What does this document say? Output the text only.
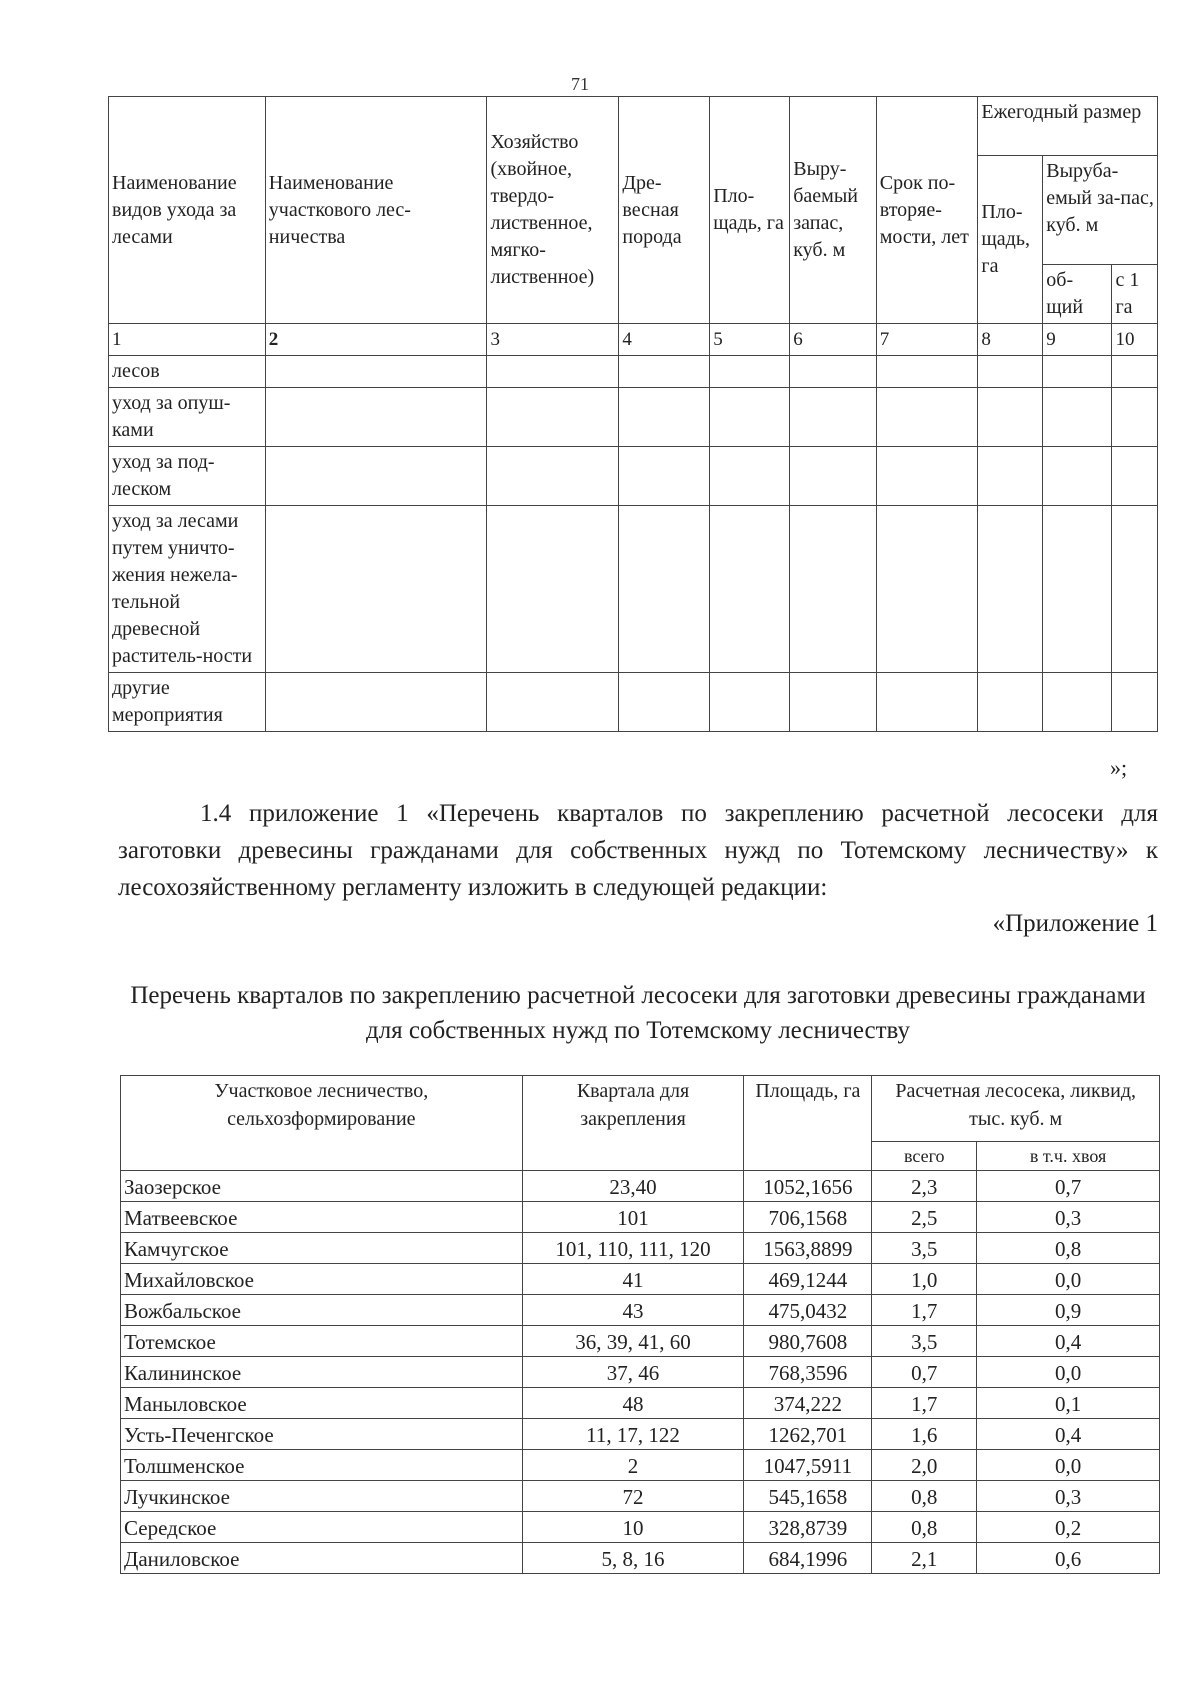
71
Наименование видов ухода за лесами	Наименование участкового лес-ничества	Хозяйство (хвойное, твердо-лиственное, мягко-лиственное)	Дре-весная порода	Пло-щадь, га	Выру-баемый запас, куб. м	Срок по-вторяе-мости, лет	Ежегодный размер		
							Пло-щадь, га	Выруба-емый за-пас, куб. м	
								об-щий	с 1 га
1	2	3	4	5	6	7	8	9	10
лесов									
уход за опуш-ками									
уход за под-леском									
уход за лесами путем уничто-жения нежела-тельной древесной раститель-ности									
другие мероприятия									
»;

1.4 приложение 1 «Перечень кварталов по закреплению расчетной лесосеки для заготовки древесины гражданами для собственных нужд по Тотемскому лесничеству» к лесохозяйственному регламенту изложить в следующей редакции:

«Приложение 1

Перечень кварталов по закреплению расчетной лесосеки для заготовки древесины гражданами для собственных нужд по Тотемскому лесничеству

Участковое лесничество, сельхозформирование	Квартала для закрепления	Площадь, га	Расчетная лесосека, ликвид, тыс. куб. м	
			всего	в т.ч. хвоя
Заозерское	23,40	1052,1656	2,3	0,7
Матвеевское	101	706,1568	2,5	0,3
Камчугское	101, 110, 111, 120	1563,8899	3,5	0,8
Михайловское	41	469,1244	1,0	0,0
Вожбальское	43	475,0432	1,7	0,9
Тотемское	36, 39, 41, 60	980,7608	3,5	0,4
Калининское	37, 46	768,3596	0,7	0,0
Маныловское	48	374,222	1,7	0,1
Усть-Печенгское	11, 17, 122	1262,701	1,6	0,4
Толшменское	2	1047,5911	2,0	0,0
Лучкинское	72	545,1658	0,8	0,3
Середское	10	328,8739	0,8	0,2
Даниловское	5, 8, 16	684,1996	2,1	0,6
